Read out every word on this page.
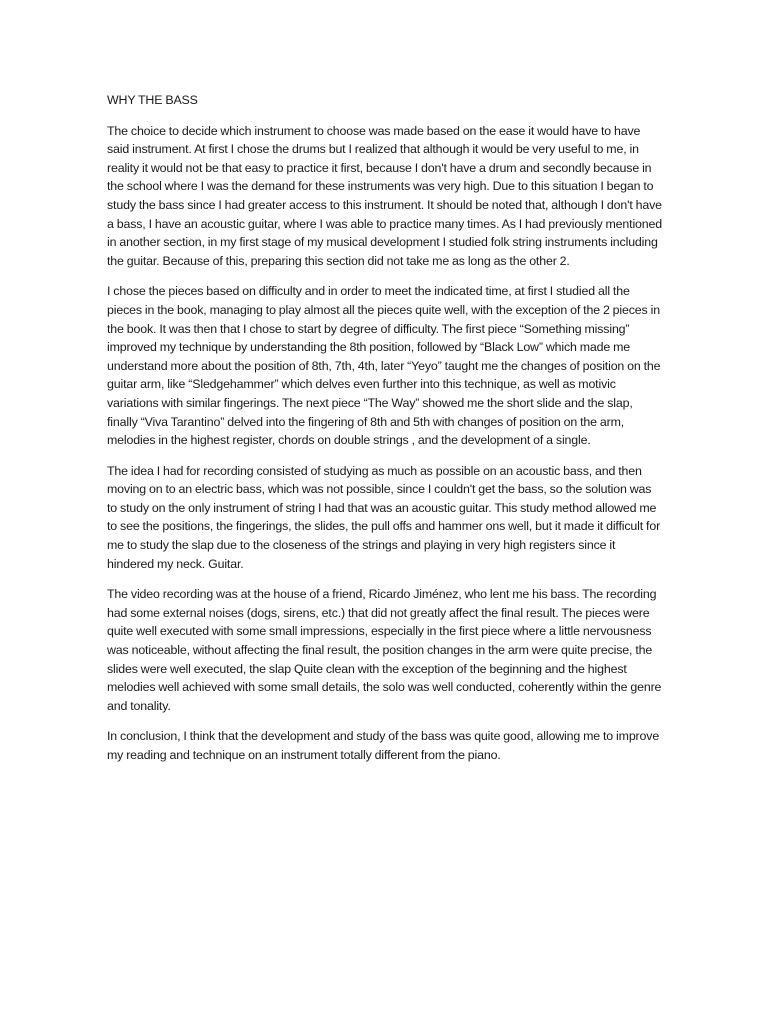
WHY THE BASS

The choice to decide which instrument to choose was made based on the ease it would have to have said instrument. At first I chose the drums but I realized that although it would be very useful to me, in reality it would not be that easy to practice it first, because I don't have a drum and secondly because in the school where I was the demand for these instruments was very high. Due to this situation I began to study the bass since I had greater access to this instrument. It should be noted that, although I don't have a bass, I have an acoustic guitar, where I was able to practice many times. As I had previously mentioned in another section, in my first stage of my musical development I studied folk string instruments including the guitar. Because of this, preparing this section did not take me as long as the other 2.

I chose the pieces based on difficulty and in order to meet the indicated time, at first I studied all the pieces in the book, managing to play almost all the pieces quite well, with the exception of the 2 pieces in the book. It was then that I chose to start by degree of difficulty. The first piece “Something missing” improved my technique by understanding the 8th position, followed by “Black Low” which made me understand more about the position of 8th, 7th, 4th, later “Yeyo” taught me the changes of position on the guitar arm, like “Sledgehammer” which delves even further into this technique, as well as motivic variations with similar fingerings. The next piece “The Way” showed me the short slide and the slap, finally “Viva Tarantino” delved into the fingering of 8th and 5th with changes of position on the arm, melodies in the highest register, chords on double strings , and the development of a single.

The idea I had for recording consisted of studying as much as possible on an acoustic bass, and then moving on to an electric bass, which was not possible, since I couldn't get the bass, so the solution was to study on the only instrument of string I had that was an acoustic guitar. This study method allowed me to see the positions, the fingerings, the slides, the pull offs and hammer ons well, but it made it difficult for me to study the slap due to the closeness of the strings and playing in very high registers since it hindered my neck. Guitar.

The video recording was at the house of a friend, Ricardo Jiménez, who lent me his bass. The recording had some external noises (dogs, sirens, etc.) that did not greatly affect the final result. The pieces were quite well executed with some small impressions, especially in the first piece where a little nervousness was noticeable, without affecting the final result, the position changes in the arm were quite precise, the slides were well executed, the slap Quite clean with the exception of the beginning and the highest melodies well achieved with some small details, the solo was well conducted, coherently within the genre and tonality.

In conclusion, I think that the development and study of the bass was quite good, allowing me to improve my reading and technique on an instrument totally different from the piano.
